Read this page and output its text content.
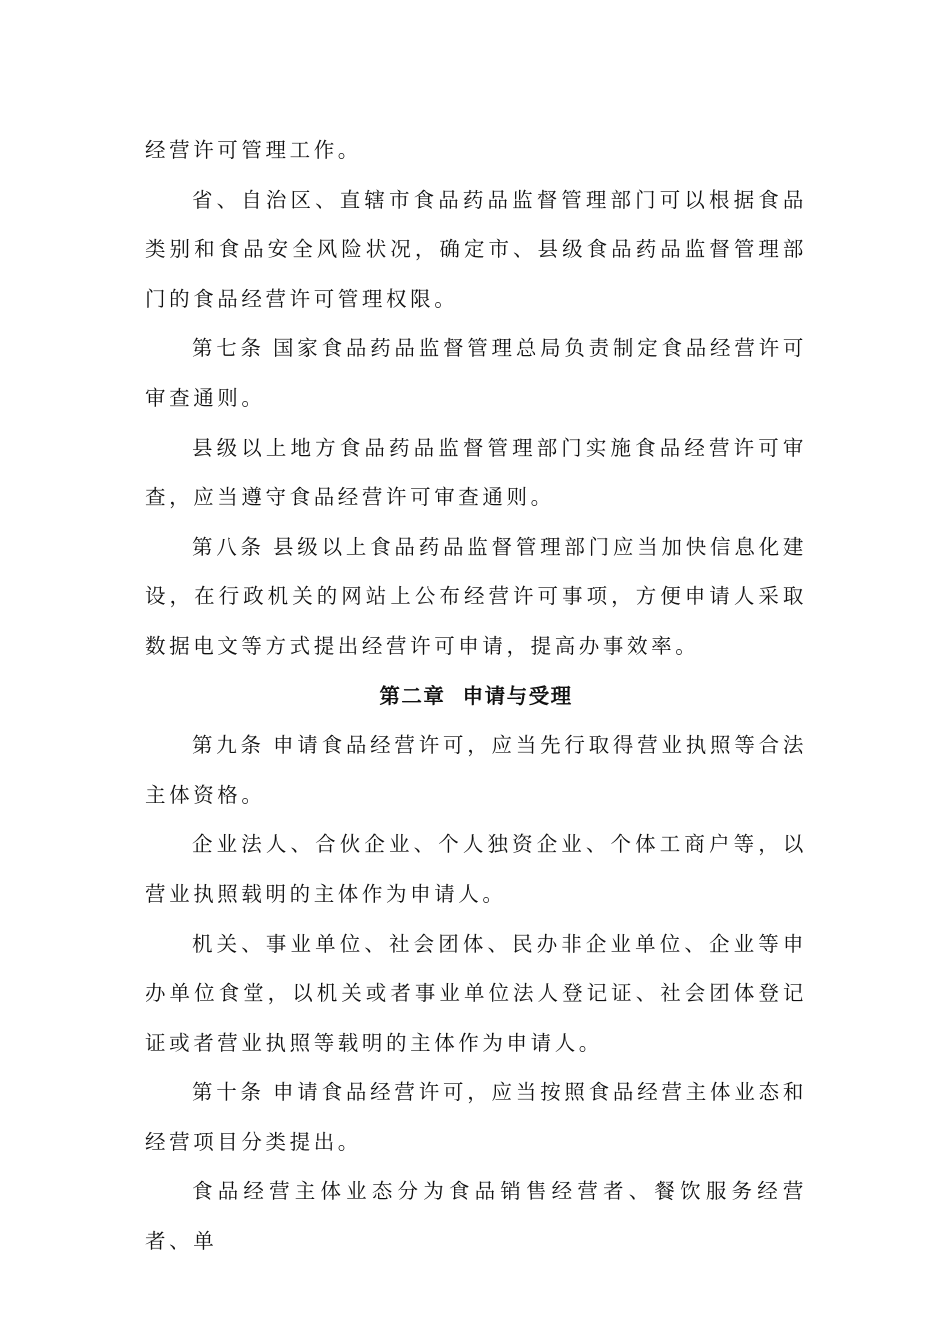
经营许可管理工作。

省、自治区、直辖市食品药品监督管理部门可以根据食品类别和食品安全风险状况，确定市、县级食品药品监督管理部门的食品经营许可管理权限。

第七条 国家食品药品监督管理总局负责制定食品经营许可审查通则。

县级以上地方食品药品监督管理部门实施食品经营许可审查，应当遵守食品经营许可审查通则。

第八条 县级以上食品药品监督管理部门应当加快信息化建设，在行政机关的网站上公布经营许可事项，方便申请人采取数据电文等方式提出经营许可申请，提高办事效率。

第二章  申请与受理

第九条 申请食品经营许可，应当先行取得营业执照等合法主体资格。

企业法人、合伙企业、个人独资企业、个体工商户等，以营业执照载明的主体作为申请人。

机关、事业单位、社会团体、民办非企业单位、企业等申办单位食堂，以机关或者事业单位法人登记证、社会团体登记证或者营业执照等载明的主体作为申请人。

第十条 申请食品经营许可，应当按照食品经营主体业态和经营项目分类提出。

食品经营主体业态分为食品销售经营者、餐饮服务经营者、单
